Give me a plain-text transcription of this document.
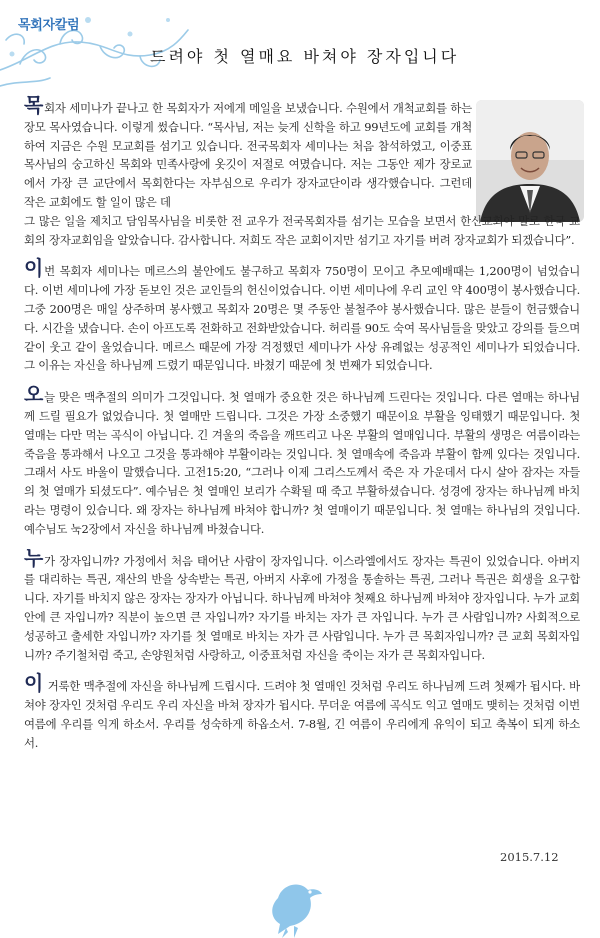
목회자칼럼
드려야 첫 열매요 바쳐야 장자입니다

목회자 세미나가 끝나고 한 목회자가 저에게 메일을 보냈습니다. 수원에서 개척교회를 하는 장모 목사였습니다. 이렇게 썼습니다. “목사님, 저는 늦게 신학을 하고 99년도에 교회를 개척하여 지금은 수원 모교회를 섬기고 있습니다. 전국목회자 세미나는 처음 참석하였고, 이중표목사님의 숭고하신 목회와 민족사랑에 옷깃이 저절로 여몄습니다. 저는 그동안 제가 장로교에서 가장 큰 교단에서 목회한다는 자부심으로 우리가 장자교단이라 생각했습니다. 그런데 작은 교회에도 할 일이 많은 데

그 많은 일을 제치고 담임목사님을 비롯한 전 교우가 전국목회자를 섬기는 모습을 보면서 한신교회야 말로 한국 교회의 장자교회임을 알았습니다. 감사합니다. 저희도 작은 교회이지만 섬기고 자기를 버려 장자교회가 되겠습니다”.

이번 목회자 세미나는 메르스의 불안에도 불구하고 목회자 750명이 모이고 추모예배때는 1,200명이 넘었습니다. 이번 세미나에 가장 돋보인 것은 교인들의 헌신이었습니다. 이번 세미나에 우리 교인 약 400명이 봉사했습니다. 그중 200명은 매일 상주하며 봉사했고 목회자 20명은 몇 주동안 불철주야 봉사했습니다. 많은 분들이 헌금했습니다. 시간을 냈습니다. 손이 아프도록 전화하고 전화받았습니다. 허리를 90도 숙여 목사님들을 맞았고 강의를 들으며 같이 웃고 같이 울었습니다. 메르스 때문에 가장 걱정했던 세미나가 사상 유례없는 성공적인 세미나가 되었습니다. 그 이유는 자신을 하나님께 드렸기 때문입니다. 바쳤기 때문에 첫 번째가 되었습니다.

오늘 맞은 맥추절의 의미가 그것입니다. 첫 열매가 중요한 것은 하나님께 드린다는 것입니다. 다른 열매는 하나님께 드릴 필요가 없었습니다. 첫 열매만 드립니다. 그것은 가장 소중했기 때문이요 부활을 잉태했기 때문입니다. 첫 열매는 다만 먹는 곡식이 아닙니다. 긴 겨울의 죽음을 깨뜨리고 나온 부활의 열매입니다. 부활의 생명은 여름이라는 죽음을 통과해서 나오고 그것을 통과해야 부활이라는 것입니다. 첫 열매속에 죽음과 부활이 함께 있다는 것입니다. 그래서 사도 바울이 말했습니다. 고전15:20, “그러나 이제 그리스도께서 죽은 자 가운데서 다시 살아 잠자는 자들의 첫 열매가 되셨도다”. 예수님은 첫 열매인 보리가 수확될 때 죽고 부활하셨습니다. 성경에 장자는 하나님께 바치라는 명령이 있습니다. 왜 장자는 하나님께 바쳐야 합니까? 첫 열매이기 때문입니다. 첫 열매는 하나님의 것입니다. 예수님도 눅2장에서 자신을 하나님께 바쳤습니다.

누가 장자입니까? 가정에서 처음 태어난 사람이 장자입니다. 이스라엘에서도 장자는 특권이 있었습니다. 아버지를 대리하는 특권, 재산의 반을 상속받는 특권, 아버지 사후에 가정을 통솔하는 특권, 그러나 특권은 희생을 요구합니다. 자기를 바치지 않은 장자는 장자가 아닙니다. 하나님께 바쳐야 첫째요 하나님께 바쳐야 장자입니다. 누가 교회 안에 큰 자입니까? 직분이 높으면 큰 자입니까? 자기를 바치는 자가 큰 자입니다. 누가 큰 사람입니까? 사회적으로 성공하고 출세한 자입니까? 자기를 첫 열매로 바치는 자가 큰 사람입니다. 누가 큰 목회자입니까? 큰 교회 목회자입니까? 주기철처럼 죽고, 손양원처럼 사랑하고, 이중표처럼 자신을 죽이는 자가 큰 목회자입니다.

이 거룩한 맥추절에 자신을 하나님께 드립시다. 드려야 첫 열매인 것처럼 우리도 하나님께 드려 첫째가 됩시다. 바쳐야 장자인 것처럼 우리도 우리 자신을 바쳐 장자가 됩시다. 무더운 여름에 곡식도 익고 열매도 맺히는 것처럼 이번 여름에 우리를 익게 하소서. 우리를 성숙하게 하옵소서. 7-8월, 긴 여름이 우리에게 유익이 되고 축복이 되게 하소서.

2015.7.12
